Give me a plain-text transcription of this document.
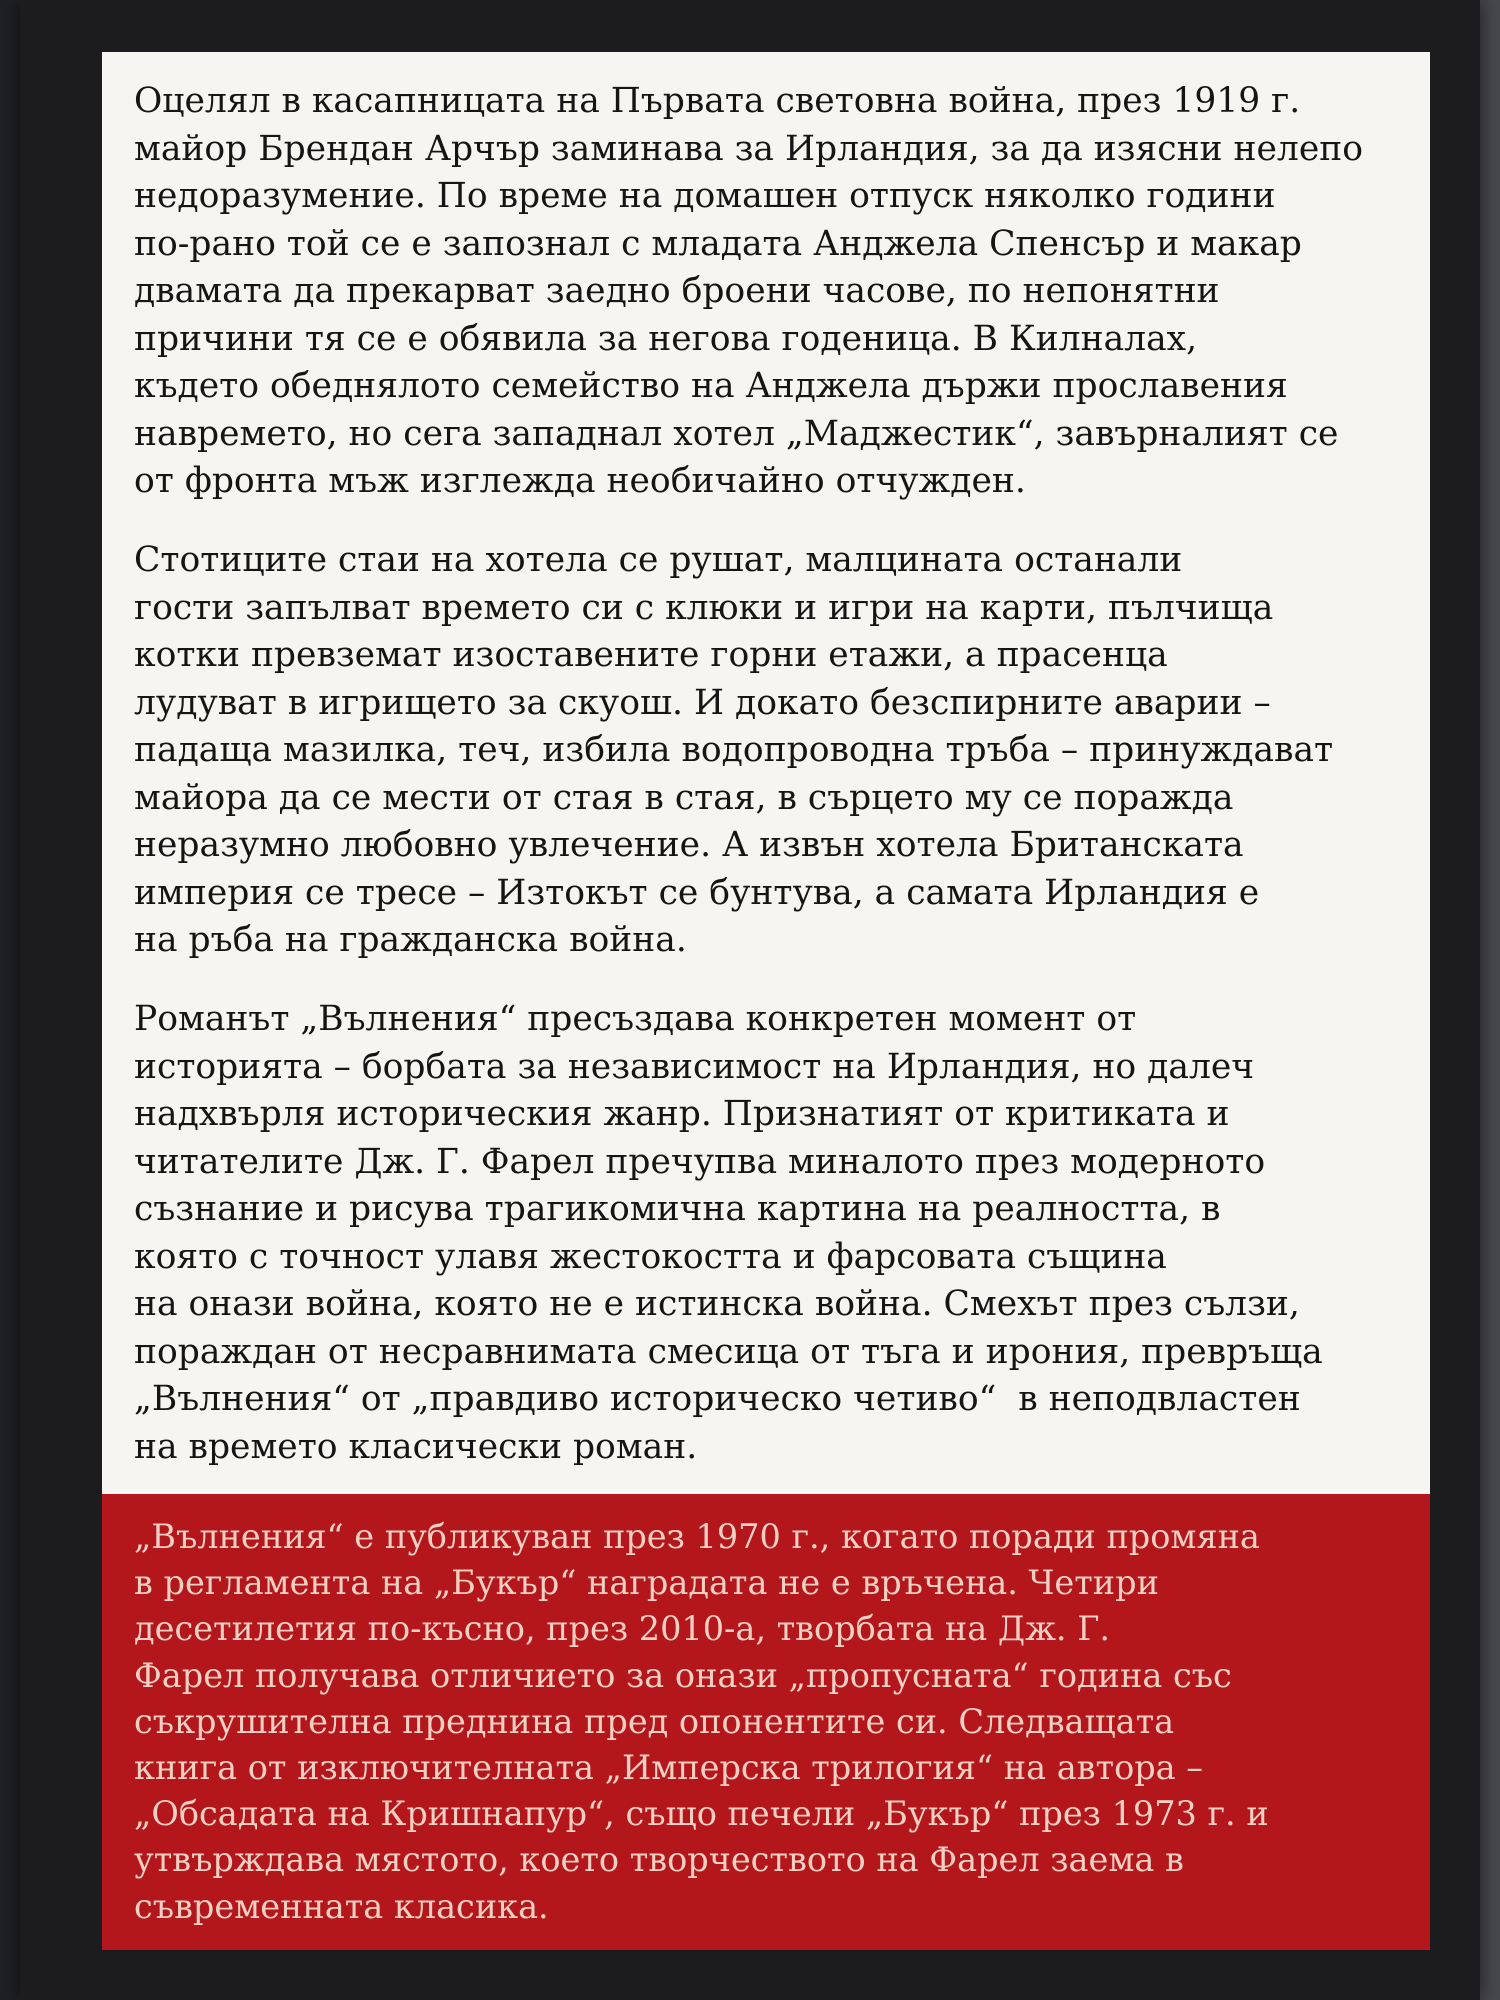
Оцелял в касапницата на Първата световна война, през 1919 г.
майор Брендан Арчър заминава за Ирландия, за да изясни нелепо
недоразумение. По време на домашен отпуск няколко години
по-рано той се е запознал с младата Анджела Спенсър и макар
двамата да прекарват заедно броени часове, по непонятни
причини тя се е обявила за негова годеница. В Килналах,
където обеднялото семейство на Анджела държи прославения
навремето, но сега западнал хотел „Маджестик“, завърналият се
от фронта мъж изглежда необичайно отчужден.

Стотиците стаи на хотела се рушат, малцината останали
гости запълват времето си с клюки и игри на карти, пълчища
котки превземат изоставените горни етажи, а прасенца
лудуват в игрището за скуош. И докато безспирните аварии –
падаща мазилка, теч, избила водопроводна тръба – принуждават
майора да се мести от стая в стая, в сърцето му се поражда
неразумно любовно увлечение. А извън хотела Британската
империя се тресе – Изтокът се бунтува, а самата Ирландия е
на ръба на гражданска война.

Романът „Вълнения“ пресъздава конкретен момент от
историята – борбата за независимост на Ирландия, но далеч
надхвърля историческия жанр. Признатият от критиката и
читателите Дж. Г. Фарел пречупва миналото през модерното
съзнание и рисува трагикомична картина на реалността, в
която с точност улавя жестокостта и фарсовата същина
на онази война, която не е истинска война. Смехът през сълзи,
пораждан от несравнимата смесица от тъга и ирония, превръща
„Вълнения“ от „правдиво историческо четиво“  в неподвластен
на времето класически роман.

„Вълнения“ е публикуван през 1970 г., когато поради промяна
в регламента на „Букър“ наградата не е връчена. Четири
десетилетия по-късно, през 2010-а, творбата на Дж. Г.
Фарел получава отличието за онази „пропусната“ година със
съкрушителна преднина пред опонентите си. Следващата
книга от изключителната „Имперска трилогия“ на автора –
„Обсадата на Кришнапур“, също печели „Букър“ през 1973 г. и
утвърждава мястото, което творчеството на Фарел заема в
съвременната класика.
